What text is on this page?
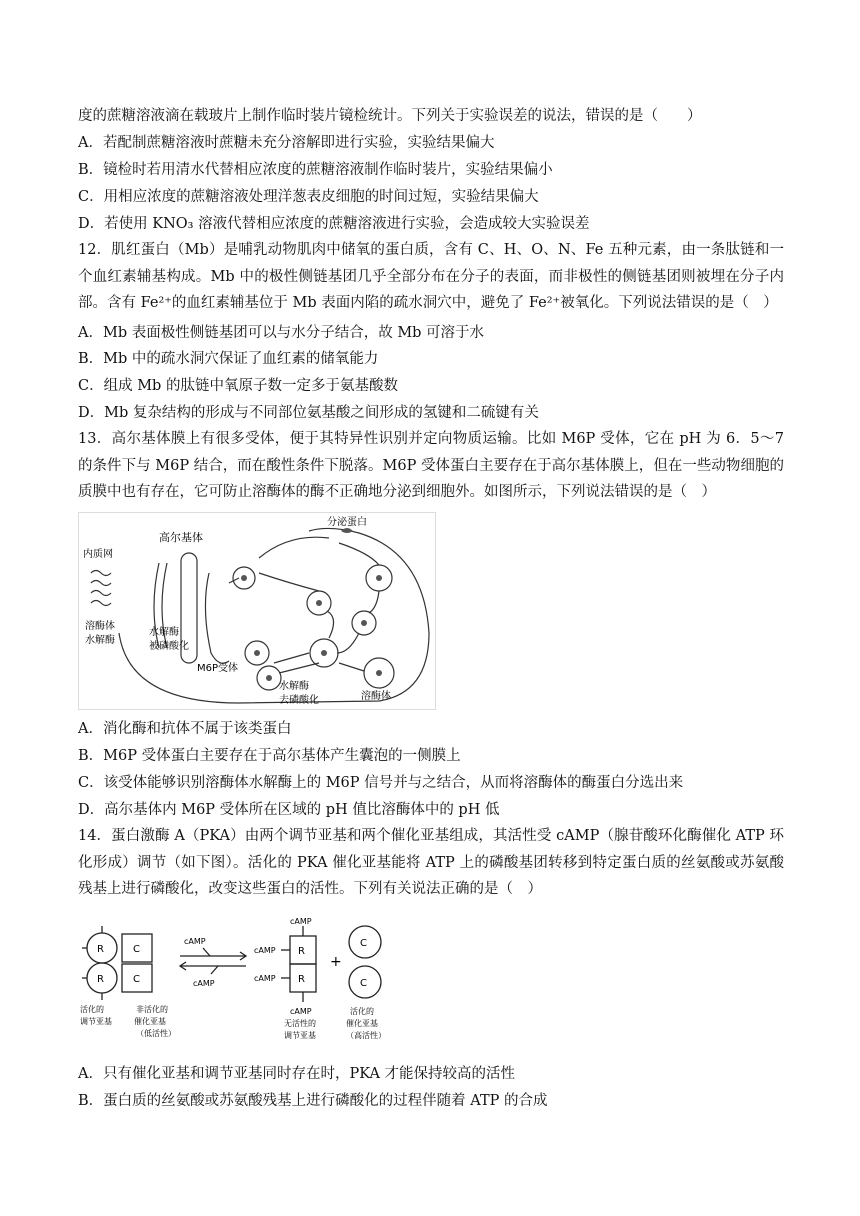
度的蔗糖溶液滴在载玻片上制作临时装片镜检统计。下列关于实验误差的说法，错误的是（　　）
A．若配制蔗糖溶液时蔗糖未充分溶解即进行实验，实验结果偏大
B．镜检时若用清水代替相应浓度的蔗糖溶液制作临时装片，实验结果偏小
C．用相应浓度的蔗糖溶液处理洋葱表皮细胞的时间过短，实验结果偏大
D．若使用 KNO₃ 溶液代替相应浓度的蔗糖溶液进行实验，会造成较大实验误差
12．肌红蛋白（Mb）是哺乳动物肌肉中储氧的蛋白质，含有 C、H、O、N、Fe 五种元素，由一条肽链和一个血红素辅基构成。Mb 中的极性侧链基团几乎全部分布在分子的表面，而非极性的侧链基团则被埋在分子内部。含有 Fe²⁺的血红素辅基位于 Mb 表面内陷的疏水洞穴中，避免了 Fe²⁺被氧化。下列说法错误的是（　）
A．Mb 表面极性侧链基团可以与水分子结合，故 Mb 可溶于水
B．Mb 中的疏水洞穴保证了血红素的储氧能力
C．组成 Mb 的肽链中氧原子数一定多于氨基酸数
D．Mb 复杂结构的形成与不同部位氨基酸之间形成的氢键和二硫键有关
13．高尔基体膜上有很多受体，便于其特异性识别并定向物质运输。比如 M6P 受体，它在 pH 为 6．5～7 的条件下与 M6P 结合，而在酸性条件下脱落。M6P 受体蛋白主要存在于高尔基体膜上，但在一些动物细胞的质膜中也有存在，它可防止溶酶体的酶不正确地分泌到细胞外。如图所示，下列说法错误的是（　）
高尔基体
分泌蛋白
内质网
溶酶体
水解酶
水解酶
被磷酸化
M6P受体
水解酶
去磷酸化	溶酶体
A．消化酶和抗体不属于该类蛋白
B．M6P 受体蛋白主要存在于高尔基体产生囊泡的一侧膜上
C．该受体能够识别溶酶体水解酶上的 M6P 信号并与之结合，从而将溶酶体的酶蛋白分选出来
D．高尔基体内 M6P 受体所在区域的 pH 值比溶酶体中的 pH 低
14．蛋白激酶 A（PKA）由两个调节亚基和两个催化亚基组成，其活性受 cAMP（腺苷酸环化酶催化 ATP 环化形成）调节（如下图）。活化的 PKA 催化亚基能将 ATP 上的磷酸基团转移到特定蛋白质的丝氨酸或苏氨酸残基上进行磷酸化，改变这些蛋白的活性。下列有关说法正确的是（　）
R
R
C
C
R
R
C
C
+
cAMP
cAMP
cAMP
cAMP
cAMP
活化的
调节亚基
非活化的
催化亚基
（低活性）
cAMP
无活性的
调节亚基
活化的
催化亚基
（高活性）
A．只有催化亚基和调节亚基同时存在时，PKA 才能保持较高的活性
B．蛋白质的丝氨酸或苏氨酸残基上进行磷酸化的过程伴随着 ATP 的合成
